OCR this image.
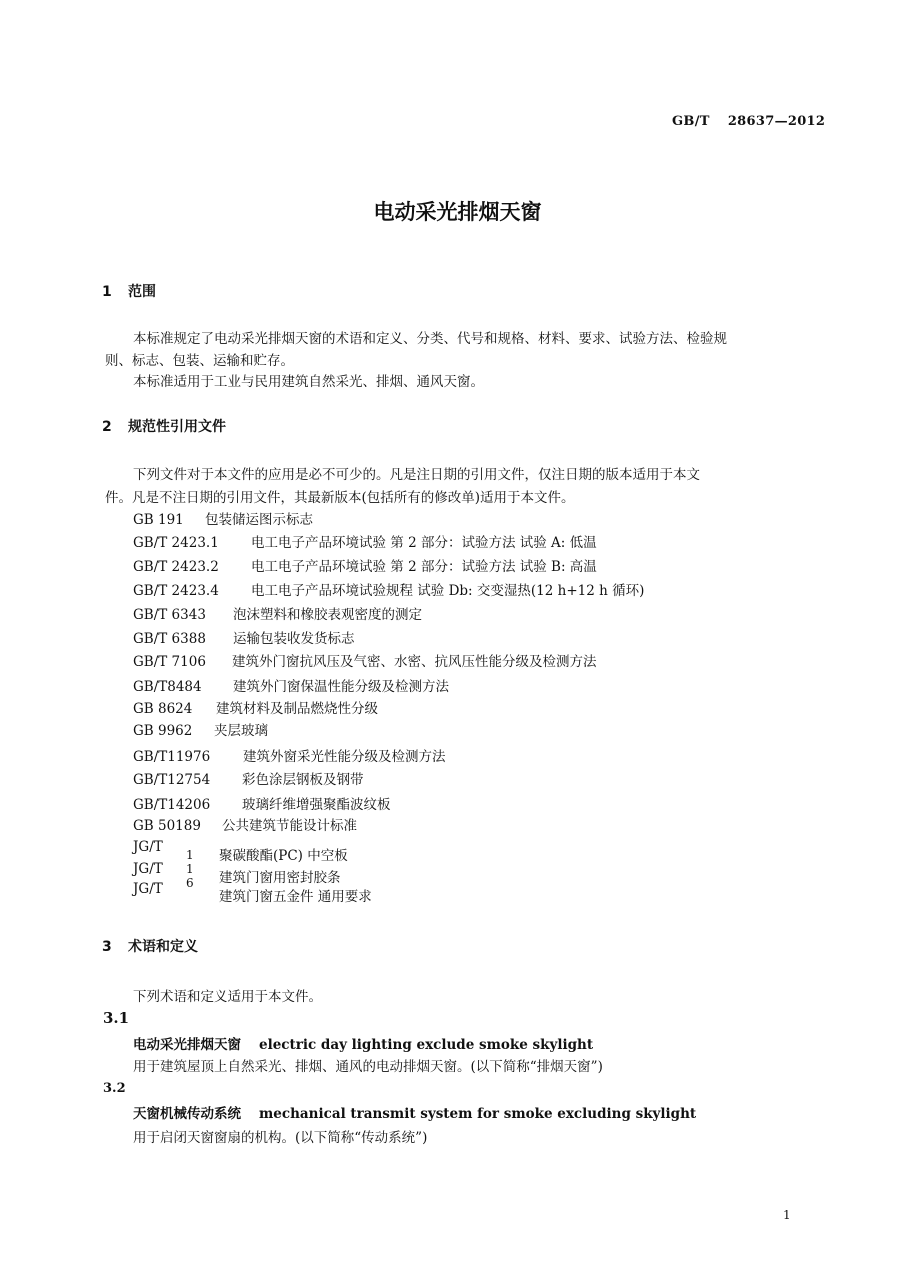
GB/T  28637—2012
电动采光排烟天窗
1 范围
本标准规定了电动采光排烟天窗的术语和定义、分类、代号和规格、材料、要求、试验方法、检验规
则、标志、包装、运输和贮存。
本标准适用于工业与民用建筑自然采光、排烟、通风天窗。
2 规范性引用文件
下列文件对于本文件的应用是必不可少的。凡是注日期的引用文件，仅注日期的版本适用于本文
件。凡是不注日期的引用文件，其最新版本(包括所有的修改单)适用于本文件。
GB 191 包装储运图示标志
GB/T 2423.1 电工电子产品环境试验 第 2 部分：试验方法 试验 A: 低温
GB/T 2423.2 电工电子产品环境试验 第 2 部分：试验方法 试验 B: 高温
GB/T 2423.4 电工电子产品环境试验规程 试验 Db: 交变湿热(12 h+12 h 循环)
GB/T 6343 泡沫塑料和橡胶表观密度的测定
GB/T 6388 运输包装收发货标志
GB/T 7106 建筑外门窗抗风压及气密、水密、抗风压性能分级及检测方法
GB/T8484 建筑外门窗保温性能分级及检测方法
GB 8624 建筑材料及制品燃烧性分级
GB 9962 夹层玻璃
GB/T11976 建筑外窗采光性能分级及检测方法
GB/T12754 彩色涂层钢板及钢带
GB/T14206 玻璃纤维增强聚酯波纹板
GB 50189 公共建筑节能设计标准
JG/T
JG/T
JG/T
1
1
6
聚碳酸酯(PC) 中空板
建筑门窗用密封胶条
建筑门窗五金件 通用要求
3 术语和定义
下列术语和定义适用于本文件。
3.1
电动采光排烟天窗 electric day lighting exclude smoke skylight
用于建筑屋顶上自然采光、排烟、通风的电动排烟天窗。(以下简称“排烟天窗”)
3.2
天窗机械传动系统 mechanical transmit system for smoke excluding skylight
用于启闭天窗窗扇的机构。(以下简称“传动系统”)
1
